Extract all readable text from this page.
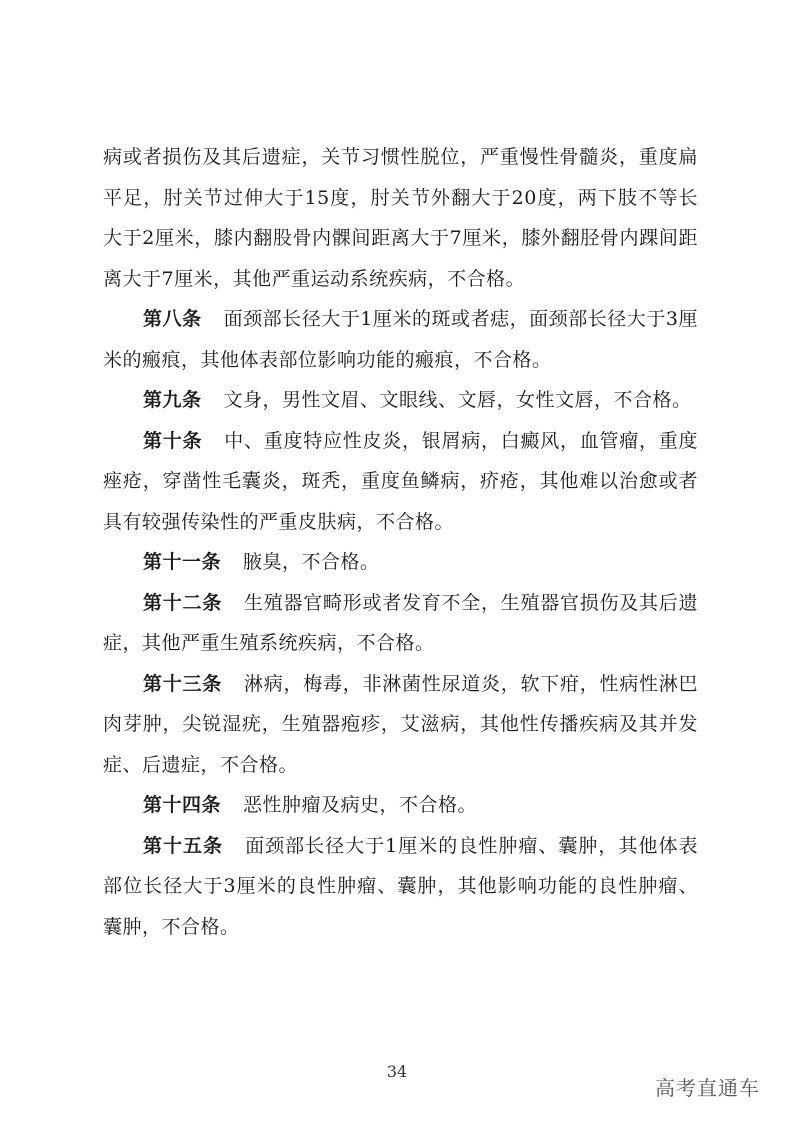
病或者损伤及其后遗症，关节习惯性脱位，严重慢性骨髓炎，重度扁平足，肘关节过伸大于15度，肘关节外翻大于20度，两下肢不等长大于2厘米，膝内翻股骨内髁间距离大于7厘米，膝外翻胫骨内踝间距离大于7厘米，其他严重运动系统疾病，不合格。

第八条 面颈部长径大于1厘米的斑或者痣，面颈部长径大于3厘米的瘢痕，其他体表部位影响功能的瘢痕，不合格。

第九条 文身，男性文眉、文眼线、文唇，女性文唇，不合格。

第十条 中、重度特应性皮炎，银屑病，白癜风，血管瘤，重度痤疮，穿凿性毛囊炎，斑秃，重度鱼鳞病，疥疮，其他难以治愈或者具有较强传染性的严重皮肤病，不合格。

第十一条 腋臭，不合格。

第十二条 生殖器官畸形或者发育不全，生殖器官损伤及其后遗症，其他严重生殖系统疾病，不合格。

第十三条 淋病，梅毒，非淋菌性尿道炎，软下疳，性病性淋巴肉芽肿，尖锐湿疣，生殖器疱疹，艾滋病，其他性传播疾病及其并发症、后遗症，不合格。

第十四条 恶性肿瘤及病史，不合格。

第十五条 面颈部长径大于1厘米的良性肿瘤、囊肿，其他体表部位长径大于3厘米的良性肿瘤、囊肿，其他影响功能的良性肿瘤、囊肿，不合格。

34
高考直通车
